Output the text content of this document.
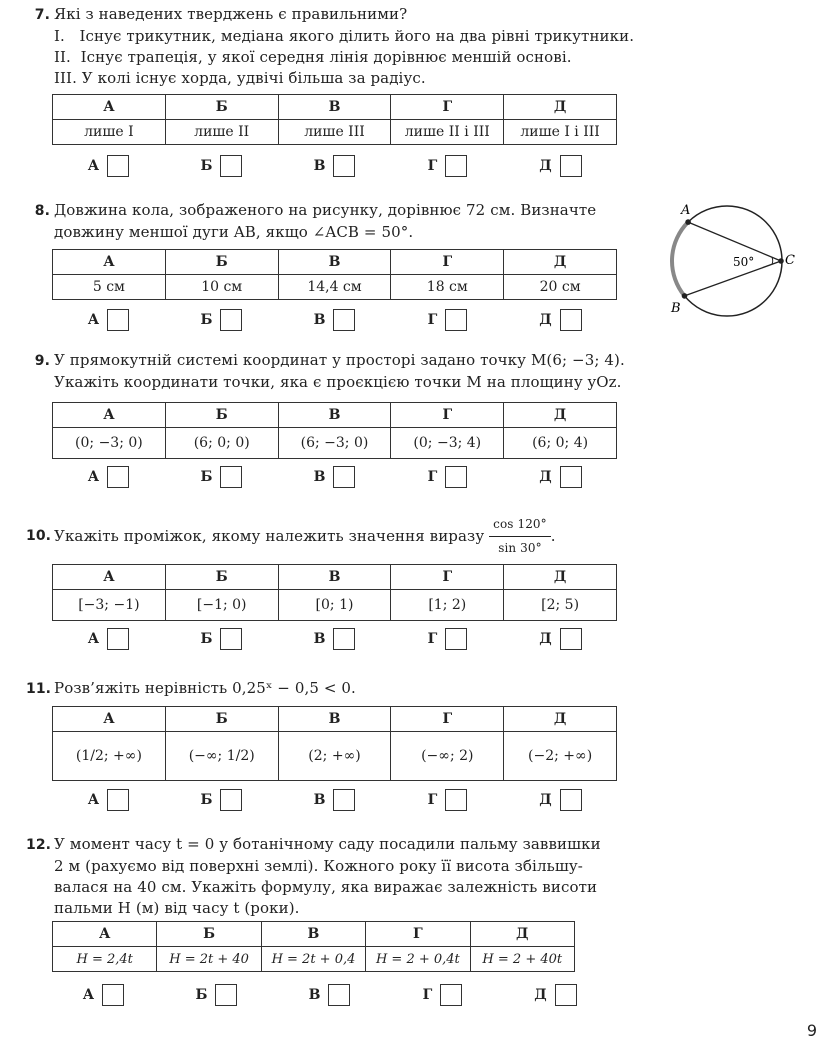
7. Які з наведених тверджень є правильними?
І.   Існує трикутник, медіана якого ділить його на два рівні трикутники.
ІІ.  Існує трапеція, у якої середня лінія дорівнює меншій основі.
ІІІ. У колі існує хорда, удвічі більша за радіус.
А	Б	В	Г	Д
лише І	лише ІІ	лише ІІІ	лише ІІ і ІІІ	лише І і ІІІ
А	Б	В	Г	Д
8. Довжина кола, зображеного на рисунку, дорівнює 72 см. Визначте
довжину меншої дуги AB, якщо ∠ACB = 50°.
А	Б	В	Г	Д
5 см	10 см	14,4 см	18 см	20 см
А	Б	В	Г	Д
A
B
C
50°
9. У прямокутній системі координат у просторі задано точку M(6; −3; 4).
Укажіть координати точки, яка є проєкцією точки M на площину yOz.
А	Б	В	Г	Д
(0; −3; 0)	(6; 0; 0)	(6; −3; 0)	(0; −3; 4)	(6; 0; 4)
А	Б	В	Г	Д
10. Укажіть проміжок, якому належить значення виразу
$\frac{\cos 120^\circ}{\sin 30^\circ}$ .
А	Б	В	Г	Д
[−3; −1)	[−1; 0)	[0; 1)	[1; 2)	[2; 5)
А	Б	В	Г	Д
11. Розв’яжіть нерівність 0,25ˣ − 0,5 < 0.
А	Б	В	Г	Д
(1/2; +∞)	(−∞; 1/2)	(2; +∞)	(−∞; 2)	(−2; +∞)
А	Б	В	Г	Д
12. У момент часу t = 0 у ботанічному саду посадили пальму заввишки
2 м (рахуємо від поверхні землі). Кожного року її висота збільшу-
валася на 40 см. Укажіть формулу, яка виражає залежність висоти
пальми H (м) від часу t (роки).
А	Б	В	Г	Д
H = 2,4t	H = 2t + 40	H = 2t + 0,4	H = 2 + 0,4t	H = 2 + 40t
А	Б	В	Г	Д
9
